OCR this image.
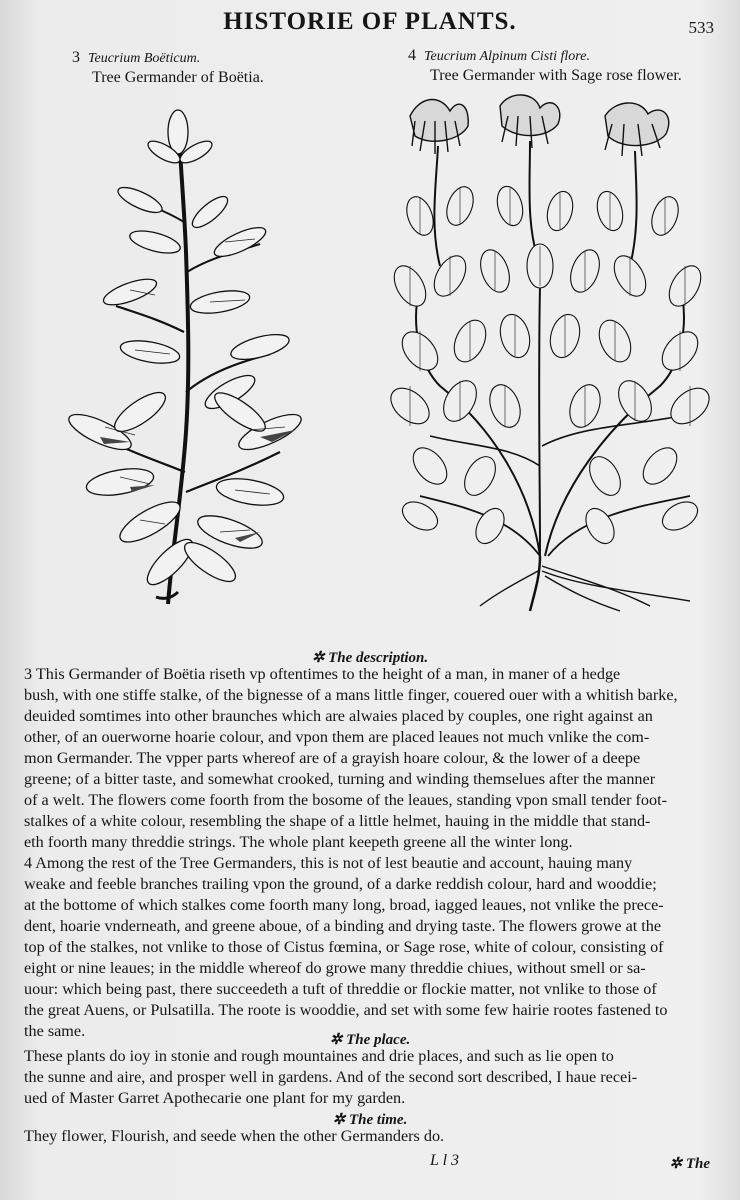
HISTORIE OF PLANTS.	533
3 Teucrium Boëticum.
Tree Germander of Boëtia.
4 Teucrium Alpinum Cisti flore.
Tree Germander with Sage rose flower.
✲ The description.
3 This Germander of Boëtia riseth vp oftentimes to the height of a man, in maner of a hedge
bush, with one stiffe stalke, of the bignesse of a mans little finger, couered ouer with a whitish barke,
deuided somtimes into other braunches which are alwaies placed by couples, one right against an
other, of an ouerworne hoarie colour, and vpon them are placed leaues not much vnlike the com-
mon Germander. The vpper parts whereof are of a grayish hoare colour, & the lower of a deepe
greene; of a bitter taste, and somewhat crooked, turning and winding themselues after the manner
of a welt. The flowers come foorth from the bosome of the leaues, standing vpon small tender foot-
stalkes of a white colour, resembling the shape of a little helmet, hauing in the middle that stand-
eth foorth many threddie strings. The whole plant keepeth greene all the winter long.
4 Among the rest of the Tree Germanders, this is not of lest beautie and account, hauing many
weake and feeble branches trailing vpon the ground, of a darke reddish colour, hard and wooddie;
at the bottome of which stalkes come foorth many long, broad, iagged leaues, not vnlike the prece-
dent, hoarie vnderneath, and greene aboue, of a binding and drying taste. The flowers growe at the
top of the stalkes, not vnlike to those of Cistus fœmina, or Sage rose, white of colour, consisting of
eight or nine leaues; in the middle whereof do growe many threddie chiues, without smell or sa-
uour: which being past, there succeedeth a tuft of threddie or flockie matter, not vnlike to those of
the great Auens, or Pulsatilla. The roote is wooddie, and set with some few hairie rootes fastened to
the same.	✲ The place.
These plants do ioy in stonie and rough mountaines and drie places, and such as lie open to
the sunne and aire, and prosper well in gardens. And of the second sort described, I haue recei-
ued of Master Garret Apothecarie one plant for my garden.
✲ The time.
They flower, Flourish, and seede when the other Germanders do.
L l 3	✲ The
